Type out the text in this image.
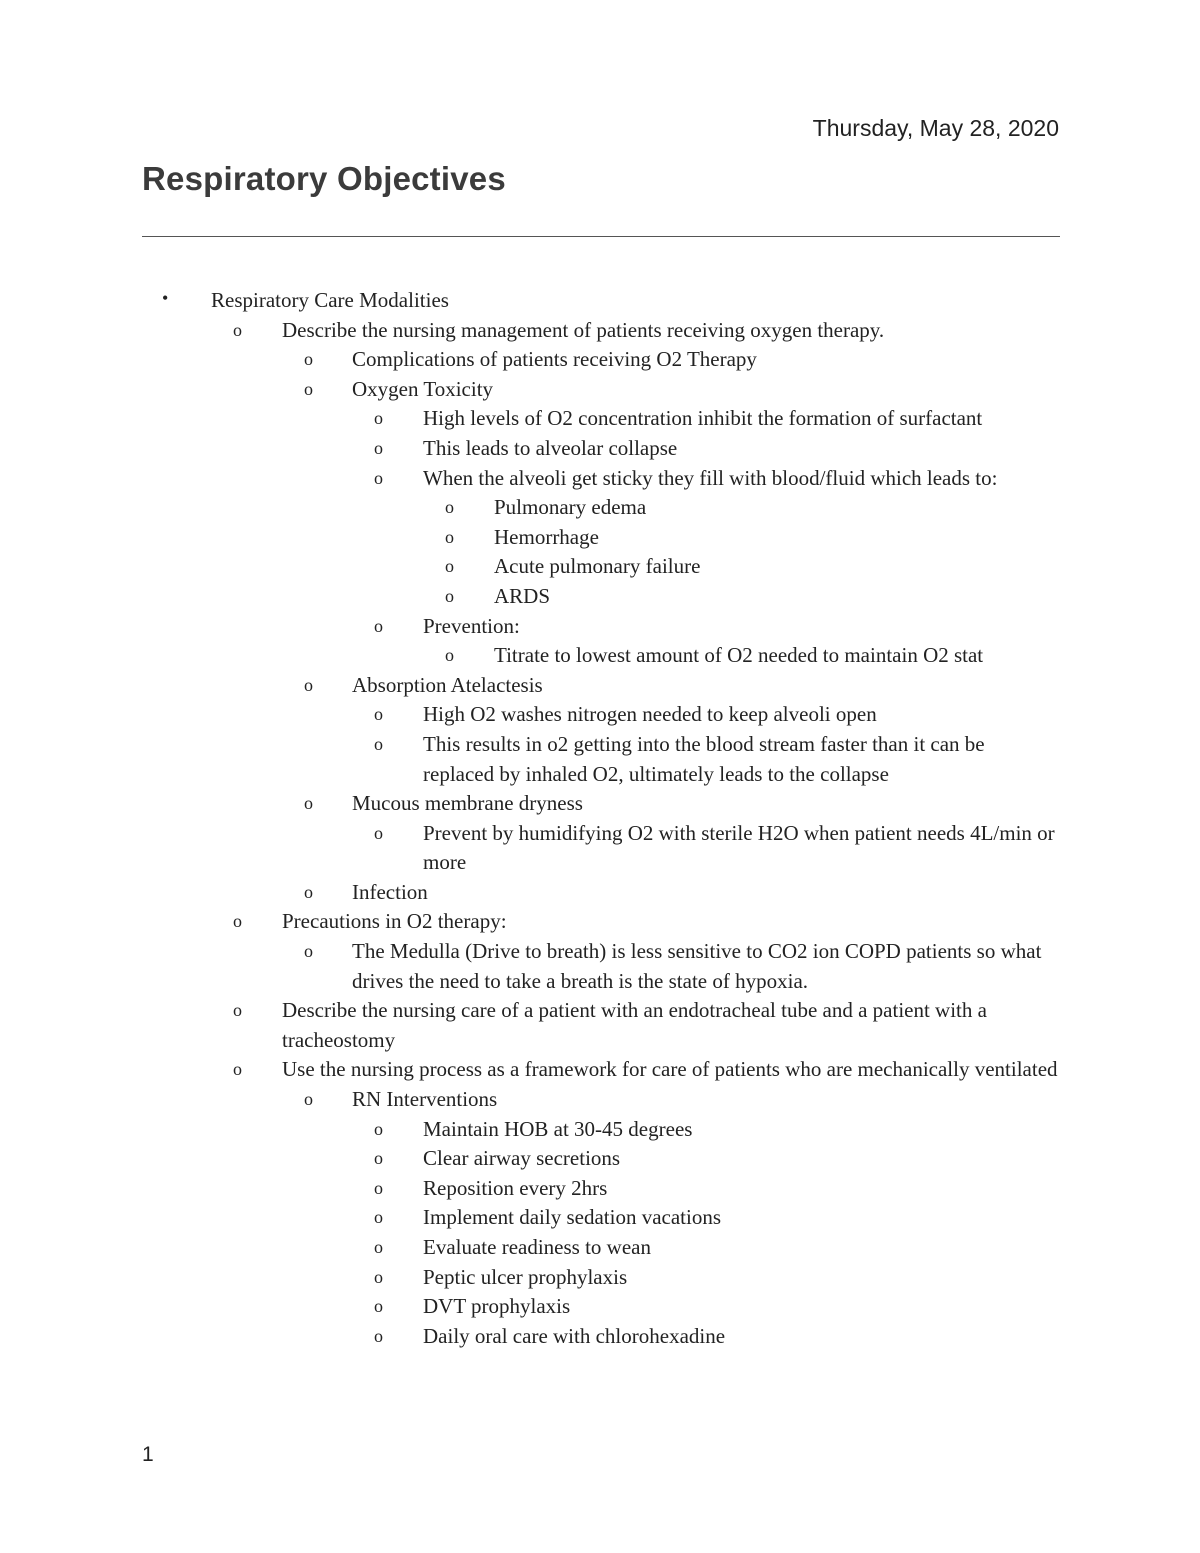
Thursday, May 28, 2020
Respiratory Objectives
• Respiratory Care Modalities
o Describe the nursing management of patients receiving oxygen therapy.
o Complications of patients receiving O2 Therapy
o Oxygen Toxicity
o High levels of O2 concentration inhibit the formation of surfactant
o This leads to alveolar collapse
o When the alveoli get sticky they fill with blood/fluid which leads to:
o Pulmonary edema
o Hemorrhage
o Acute pulmonary failure
o ARDS
o Prevention:
o Titrate to lowest amount of O2 needed to maintain O2 stat
o Absorption Atelactesis
o High O2 washes nitrogen needed to keep alveoli open
o This results in o2 getting into the blood stream faster than it can be replaced by inhaled O2, ultimately leads to the collapse
o Mucous membrane dryness
o Prevent by humidifying O2 with sterile H2O when patient needs 4L/min or more
o Infection
o Precautions in O2 therapy:
o The Medulla (Drive to breath) is less sensitive to CO2 ion COPD patients so what drives the need to take a breath is the state of hypoxia.
o Describe the nursing care of a patient with an endotracheal tube and a patient with a tracheostomy
o Use the nursing process as a framework for care of patients who are mechanically ventilated
o RN Interventions
o Maintain HOB at 30-45 degrees
o Clear airway secretions
o Reposition every 2hrs
o Implement daily sedation vacations
o Evaluate readiness to wean
o Peptic ulcer prophylaxis
o DVT prophylaxis
o Daily oral care with chlorohexadine
1
